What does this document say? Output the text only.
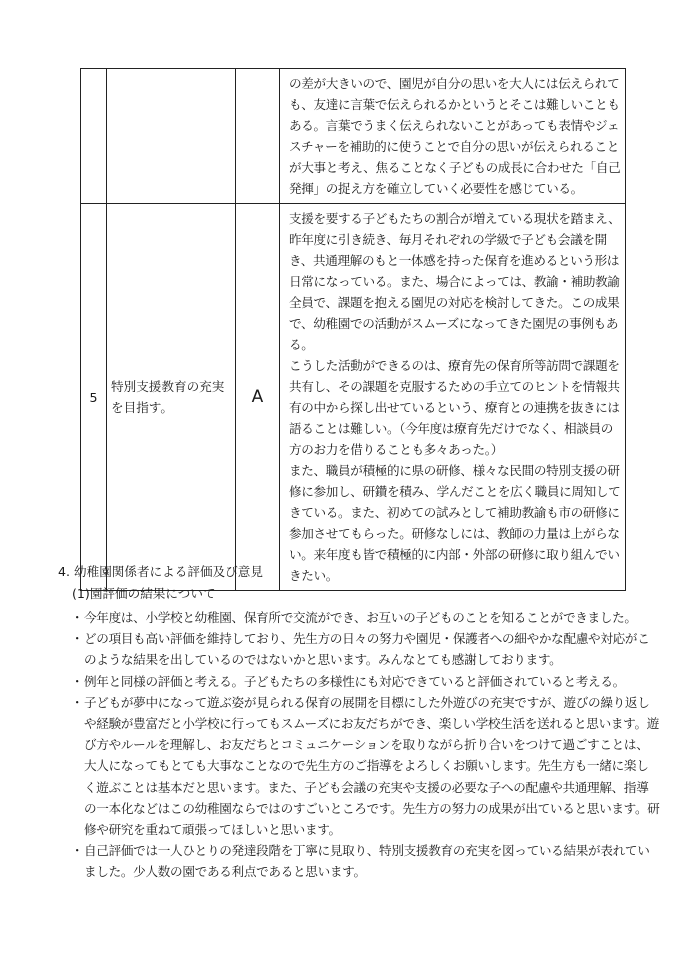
			の差が大きいので、園児が自分の思いを大人には伝えられても、友達に言葉で伝えられるかというとそこは難しいこともある。言葉でうまく伝えられないことがあっても表情やジェスチャーを補助的に使うことで自分の思いが伝えられることが大事と考え、焦ることなく子どもの成長に合わせた「自己発揮」の捉え方を確立していく必要性を感じている。

5	特別支援教育の充実を目指す。	A	支援を要する子どもたちの割合が増えている現状を踏まえ、昨年度に引き続き、毎月それぞれの学級で子ども会議を開き、共通理解のもと一体感を持った保育を進めるという形は日常になっている。また、場合によっては、教諭・補助教諭全員で、課題を抱える園児の対応を検討してきた。この成果で、幼稚園での活動がスムーズになってきた園児の事例もある。

こうした活動ができるのは、療育先の保育所等訪問で課題を共有し、その課題を克服するための手立てのヒントを情報共有の中から探し出せているという、療育との連携を抜きには語ることは難しい。（今年度は療育先だけでなく、相談員の方のお力を借りることも多々あった。）

また、職員が積極的に県の研修、様々な民間の特別支援の研修に参加し、研鑽を積み、学んだことを広く職員に周知してきている。また、初めての試みとして補助教諭も市の研修に参加させてもらった。研修なしには、教師の力量は上がらない。来年度も皆で積極的に内部・外部の研修に取り組んでいきたい。

4. 幼稚園関係者による評価及び意見

(1)園評価の結果について

・今年度は、小学校と幼稚園、保育所で交流ができ、お互いの子どものことを知ることができました。
・どの項目も高い評価を維持しており、先生方の日々の努力や園児・保護者への細やかな配慮や対応がこのような結果を出しているのではないかと思います。みんなとても感謝しております。
・例年と同様の評価と考える。子どもたちの多様性にも対応できていると評価されていると考える。
・子どもが夢中になって遊ぶ姿が見られる保育の展開を目標にした外遊びの充実ですが、遊びの繰り返しや経験が豊富だと小学校に行ってもスムーズにお友だちができ、楽しい学校生活を送れると思います。遊び方やルールを理解し、お友だちとコミュニケーションを取りながら折り合いをつけて過ごすことは、大人になってもとても大事なことなので先生方のご指導をよろしくお願いします。先生方も一緒に楽しく遊ぶことは基本だと思います。また、子ども会議の充実や支援の必要な子への配慮や共通理解、指導の一本化などはこの幼稚園ならではのすごいところです。先生方の努力の成果が出ていると思います。研修や研究を重ねて頑張ってほしいと思います。
・自己評価では一人ひとりの発達段階を丁寧に見取り、特別支援教育の充実を図っている結果が表れていました。少人数の園である利点であると思います。
